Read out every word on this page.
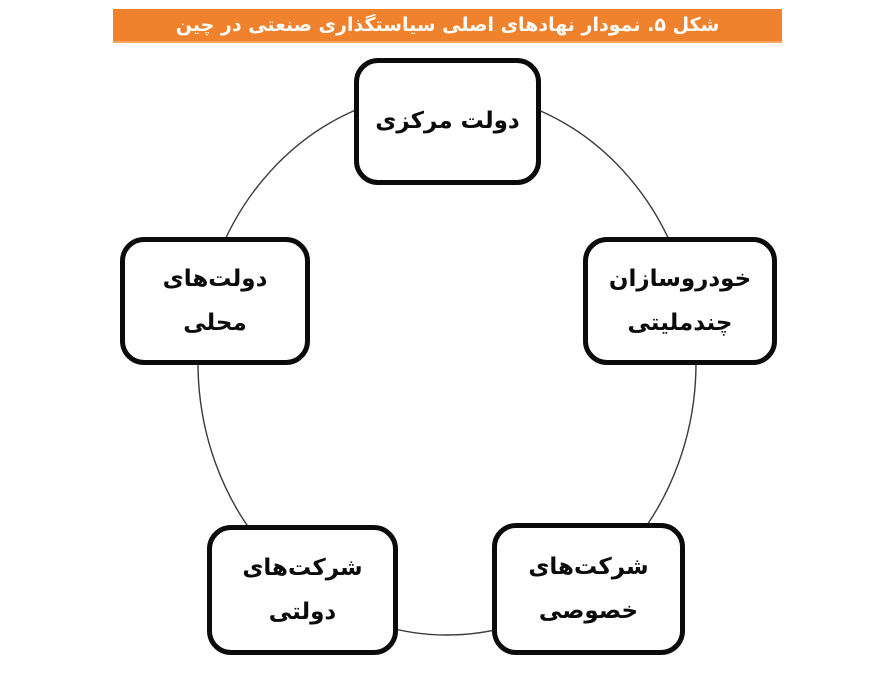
شکل ۵. نمودار نهادهای اصلی سیاستگذاری صنعتی در چین
دولت مرکزی
خودروسازان
چندملیتی
دولت‌های
محلی
شرکت‌های
دولتی
شرکت‌های
خصوصی
